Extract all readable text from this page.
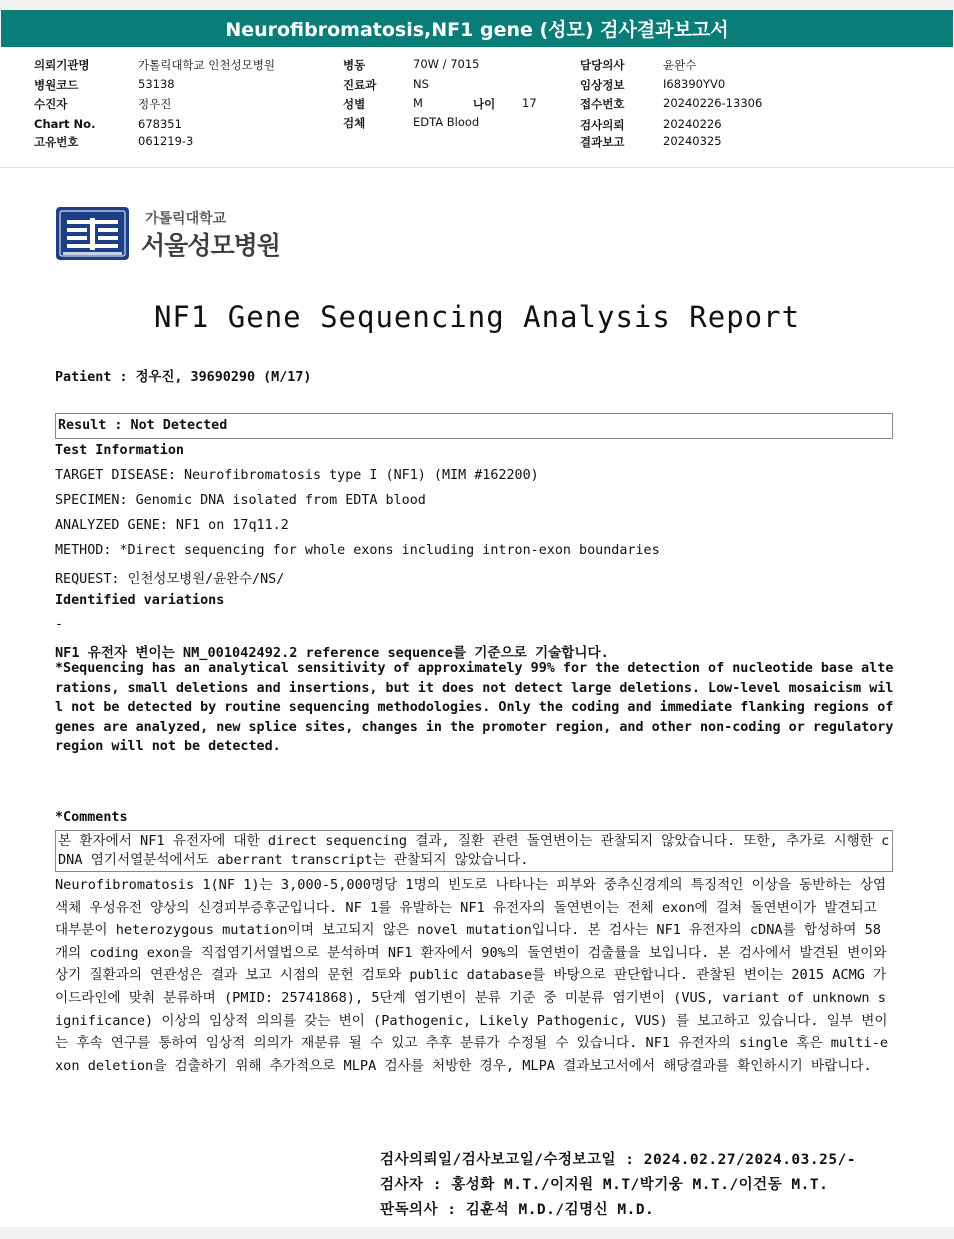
Neurofibromatosis,NF1 gene (성모) 검사결과보고서
의뢰기관명	가톨릭대학교 인천성모병원
병원코드	53138
수진자	정우진
Chart No.	678351
고유번호	061219-3
병동	70W / 7015
진료과	NS
성별	M	나이 17
검체	EDTA Blood
담당의사	윤완수
임상정보	I68390YV0
접수번호	20240226-13306
검사의뢰	20240226
결과보고	20240325
가톨릭대학교
서울성모병원
NF1 Gene Sequencing Analysis Report
Patient : 정우진, 39690290 (M/17)
Result : Not Detected
Test Information
TARGET DISEASE: Neurofibromatosis type I (NF1) (MIM #162200)
SPECIMEN: Genomic DNA isolated from EDTA blood
ANALYZED GENE: NF1 on 17q11.2
METHOD: *Direct sequencing for whole exons including intron-exon boundaries
REQUEST: 인천성모병원/윤완수/NS/
Identified variations
-
NF1 유전자 변이는 NM_001042492.2 reference sequence를 기준으로 기술합니다.
*Sequencing has an analytical sensitivity of approximately 99% for the detection of nucleotide base alterations, small deletions and insertions, but it does not detect large deletions. Low-level mosaicism will not be detected by routine sequencing methodologies. Only the coding and immediate flanking regions of genes are analyzed, new splice sites, changes in the promoter region, and other non-coding or regulatory region will not be detected.
*Comments
본 환자에서 NF1 유전자에 대한 direct sequencing 결과, 질환 관련 돌연변이는 관찰되지 않았습니다. 또한, 추가로 시행한 cDNA 염기서열분석에서도 aberrant transcript는 관찰되지 않았습니다.
Neurofibromatosis 1(NF 1)는 3,000-5,000명당 1명의 빈도로 나타나는 피부와 중추신경계의 특징적인 이상을 동반하는 상염색체 우성유전 양상의 신경피부증후군입니다. NF 1를 유발하는 NF1 유전자의 돌연변이는 전체 exon에 걸쳐 돌연변이가 발견되고 대부분이 heterozygous mutation이며 보고되지 않은 novel mutation입니다. 본 검사는 NF1 유전자의 cDNA를 합성하여 58개의 coding exon을 직접염기서열법으로 분석하며 NF1 환자에서 90%의 돌연변이 검출률을 보입니다. 본 검사에서 발견된 변이와 상기 질환과의 연관성은 결과 보고 시점의 문헌 검토와 public database를 바탕으로 판단합니다. 관찰된 변이는 2015 ACMG 가이드라인에 맞춰 분류하며 (PMID: 25741868), 5단계 염기변이 분류 기준 중 미분류 염기변이 (VUS, variant of unknown significance) 이상의 임상적 의의를 갖는 변이 (Pathogenic, Likely Pathogenic, VUS) 를 보고하고 있습니다. 일부 변이는 후속 연구를 통하여 임상적 의의가 재분류 될 수 있고 추후 분류가 수정될 수 있습니다. NF1 유전자의 single 혹은 multi-exon deletion을 검출하기 위해 추가적으로 MLPA 검사를 처방한 경우, MLPA 결과보고서에서 해당결과를 확인하시기 바랍니다.
검사의뢰일/검사보고일/수정보고일 : 2024.02.27/2024.03.25/-
검사자 : 홍성화 M.T./이지원 M.T/박기웅 M.T./이건동 M.T.
판독의사 : 김훈석 M.D./김명신 M.D.
